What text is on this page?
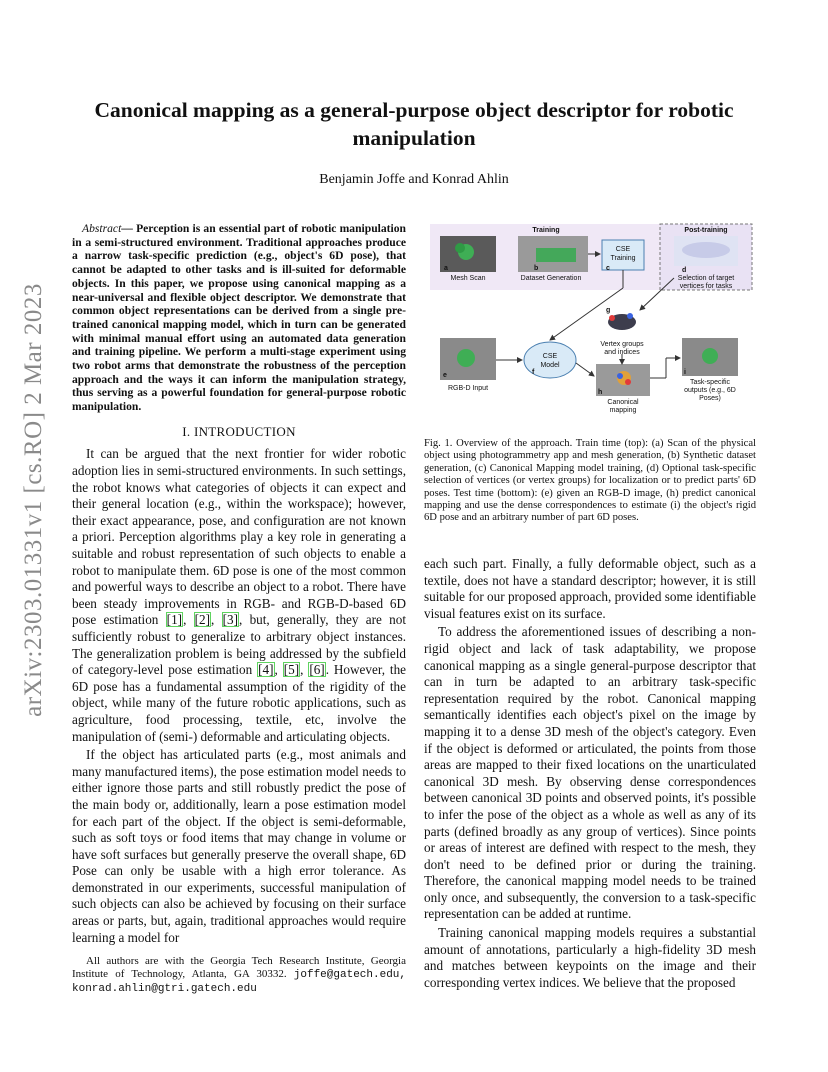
arXiv:2303.01331v1 [cs.RO] 2 Mar 2023
Canonical mapping as a general-purpose object descriptor for robotic manipulation
Benjamin Joffe and Konrad Ahlin

Abstract— Perception is an essential part of robotic manipulation in a semi-structured environment. Traditional approaches produce a narrow task-specific prediction (e.g., object's 6D pose), that cannot be adapted to other tasks and is ill-suited for deformable objects. In this paper, we propose using canonical mapping as a near-universal and flexible object descriptor. We demonstrate that common object representations can be derived from a single pre-trained canonical mapping model, which in turn can be generated with minimal manual effort using an automated data generation and training pipeline. We perform a multi-stage experiment using two robot arms that demonstrate the robustness of the perception approach and the ways it can inform the manipulation strategy, thus serving as a powerful foundation for general-purpose robotic manipulation.

I. INTRODUCTION

It can be argued that the next frontier for wider robotic adoption lies in semi-structured environments. In such settings, the robot knows what categories of objects it can expect and their general location (e.g., within the workspace); however, their exact appearance, pose, and configuration are not known a priori. Perception algorithms play a key role in generating a suitable and robust representation of such objects to enable a robot to manipulate them. 6D pose is one of the most common and powerful ways to describe an object to a robot. There have been steady improvements in RGB- and RGB-D-based 6D pose estimation [1], [2], [3], but, generally, they are not sufficiently robust to generalize to arbitrary object instances. The generalization problem is being addressed by the subfield of category-level pose estimation [4], [5], [6]. However, the 6D pose has a fundamental assumption of the rigidity of the object, while many of the future robotic applications, such as agriculture, food processing, textile, etc, involve the manipulation of (semi-) deformable and articulating objects.

If the object has articulated parts (e.g., most animals and many manufactured items), the pose estimation model needs to either ignore those parts and still robustly predict the pose of the main body or, additionally, learn a pose estimation model for each part of the object. If the object is semi-deformable, such as soft toys or food items that may change in volume or have soft surfaces but generally preserve the overall shape, 6D Pose can only be usable with a high error tolerance. As demonstrated in our experiments, successful manipulation of such objects can also be achieved by focusing on their surface areas or parts, but, again, traditional approaches would require learning a model for

All authors are with the Georgia Tech Research Institute, Georgia Institute of Technology, Atlanta, GA 30332. joffe@gatech.edu, konrad.ahlin@gtri.gatech.edu
Training	Post-training
a
Mesh Scan
b
Dataset Generation
CSE
Training
c	d
Selection of target
vertices for tasks
g
Vertex groups
and indices
e
RGB-D Input
CSE
Model
f
h
Canonical
mapping
i
Task-specific
outputs (e.g., 6D
Poses)
Fig. 1. Overview of the approach. Train time (top): (a) Scan of the physical object using photogrammetry app and mesh generation, (b) Synthetic dataset generation, (c) Canonical Mapping model training, (d) Optional task-specific selection of vertices (or vertex groups) for localization or to predict parts' 6D poses. Test time (bottom): (e) given an RGB-D image, (h) predict canonical mapping and use the dense correspondences to estimate (i) the object's rigid 6D pose and an arbitrary number of part 6D poses.

each such part. Finally, a fully deformable object, such as a textile, does not have a standard descriptor; however, it is still suitable for our proposed approach, provided some identifiable visual features exist on its surface.

To address the aforementioned issues of describing a non-rigid object and lack of task adaptability, we propose canonical mapping as a single general-purpose descriptor that can in turn be adapted to an arbitrary task-specific representation required by the robot. Canonical mapping semantically identifies each object's pixel on the image by mapping it to a dense 3D mesh of the object's category. Even if the object is deformed or articulated, the points from those areas are mapped to their fixed locations on the unarticulated canonical 3D mesh. By observing dense correspondences between canonical 3D points and observed points, it's possible to infer the pose of the object as a whole as well as any of its parts (defined broadly as any group of vertices). Since points or areas of interest are defined with respect to the mesh, they don't need to be defined prior or during the training. Therefore, the canonical mapping model needs to be trained only once, and subsequently, the conversion to a task-specific representation can be added at runtime.

Training canonical mapping models requires a substantial amount of annotations, particularly a high-fidelity 3D mesh and matches between keypoints on the image and their corresponding vertex indices. We believe that the proposed
